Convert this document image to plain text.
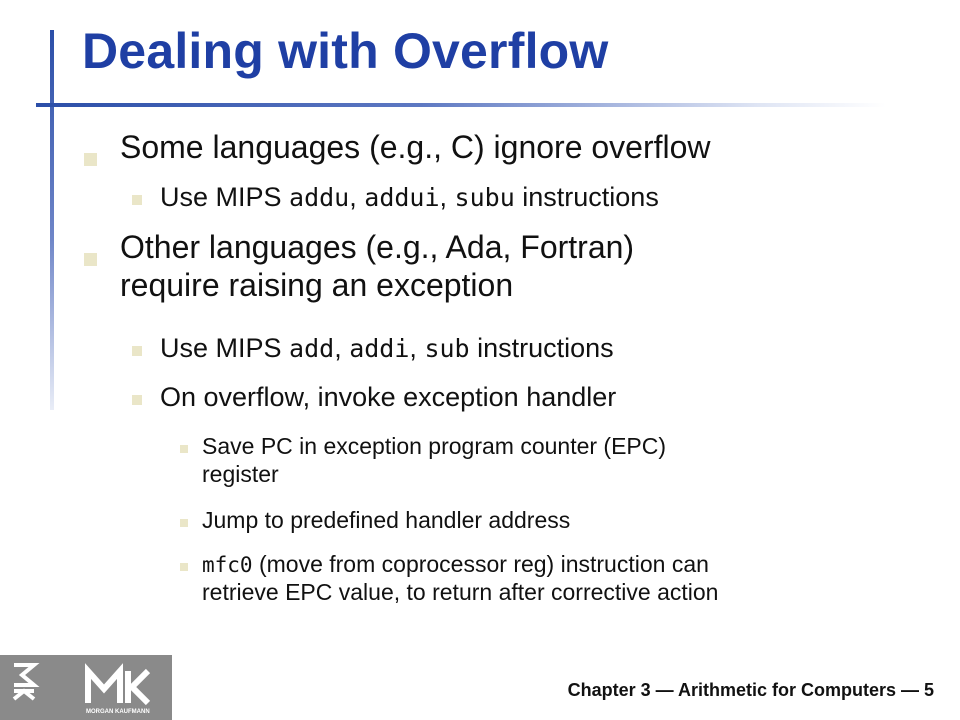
Dealing with Overflow
Some languages (e.g., C) ignore overflow
Use MIPS addu, addui, subu instructions
Other languages (e.g., Ada, Fortran)
require raising an exception
Use MIPS add, addi, sub instructions
On overflow, invoke exception handler
Save PC in exception program counter (EPC)
register
Jump to predefined handler address
mfc0 (move from coprocessor reg) instruction can
retrieve EPC value, to return after corrective action
MORGAN KAUFMANN
Chapter 3 — Arithmetic for Computers — 5
